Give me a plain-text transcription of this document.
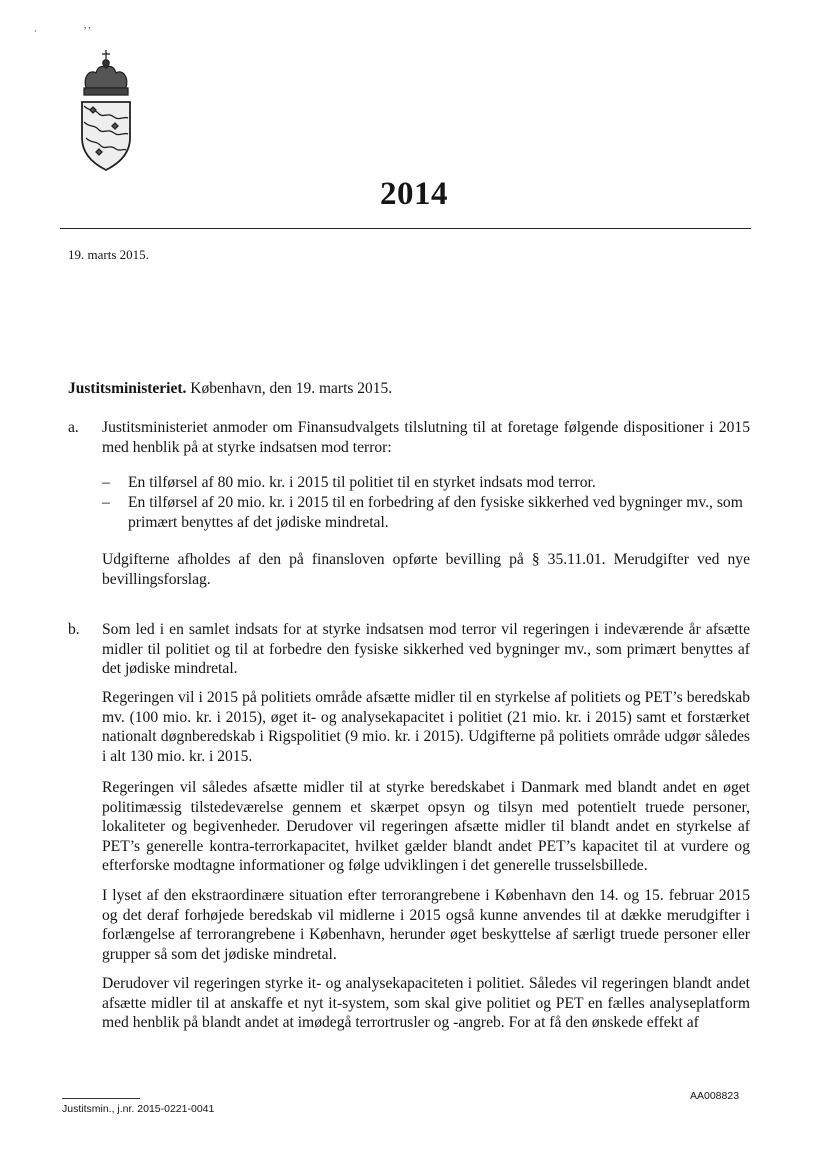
·
, ,
2014
19. marts 2015.
Justitsministeriet. København, den 19. marts 2015.
a. Justitsministeriet anmoder om Finansudvalgets tilslutning til at foretage følgende dispositioner i 2015 med henblik på at styrke indsatsen mod terror:
– En tilførsel af 80 mio. kr. i 2015 til politiet til en styrket indsats mod terror.
– En tilførsel af 20 mio. kr. i 2015 til en forbedring af den fysiske sikkerhed ved bygninger mv., som primært benyttes af det jødiske mindretal.
Udgifterne afholdes af den på finansloven opførte bevilling på § 35.11.01. Merudgifter ved nye bevillingsforslag.
b. Som led i en samlet indsats for at styrke indsatsen mod terror vil regeringen i indeværende år afsætte midler til politiet og til at forbedre den fysiske sikkerhed ved bygninger mv., som primært benyttes af det jødiske mindretal.
Regeringen vil i 2015 på politiets område afsætte midler til en styrkelse af politiets og PET’s beredskab mv. (100 mio. kr. i 2015), øget it- og analysekapacitet i politiet (21 mio. kr. i 2015) samt et forstærket nationalt døgnberedskab i Rigspolitiet (9 mio. kr. i 2015). Udgifterne på politiets område udgør således i alt 130 mio. kr. i 2015.
Regeringen vil således afsætte midler til at styrke beredskabet i Danmark med blandt andet en øget politimæssig tilstedeværelse gennem et skærpet opsyn og tilsyn med potentielt truede personer, lokaliteter og begivenheder. Derudover vil regeringen afsætte midler til blandt andet en styrkelse af PET’s generelle kontra-terrorkapacitet, hvilket gælder blandt andet PET’s kapacitet til at vurdere og efterforske modtagne informationer og følge udviklingen i det generelle trusselsbillede.
I lyset af den ekstraordinære situation efter terrorangrebene i København den 14. og 15. februar 2015 og det deraf forhøjede beredskab vil midlerne i 2015 også kunne anvendes til at dække merudgifter i forlængelse af terrorangrebene i København, herunder øget beskyttelse af særligt truede personer eller grupper så som det jødiske mindretal.
Derudover vil regeringen styrke it- og analysekapaciteten i politiet. Således vil regeringen blandt andet afsætte midler til at anskaffe et nyt it-system, som skal give politiet og PET en fælles analyseplatform med henblik på blandt andet at imødegå terrortrusler og -angreb. For at få den ønskede effekt af
Justitsmin., j.nr. 2015-0221-0041
AA008823
